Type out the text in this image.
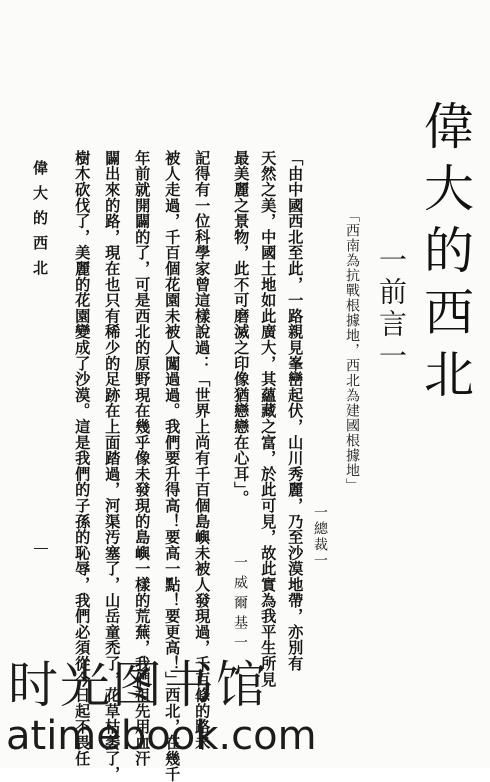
偉大的西北
一前言一
「西南為抗戰根據地，西北為建國根據地」
一總裁一
「由中國西北至此，一路親見峯巒起伏，山川秀麗，乃至沙漠地帶，亦別有
天然之美，中國土地如此廣大，其蘊藏之富，於此可見，故此實為我平生所見
最美麗之景物，此不可磨滅之印像猶戀戀在心耳」。
一威爾基一
記得有一位科學家曾這樣說過：「世界上尚有千百個島嶼未被人發現過，千百條的路未
被人走過，千百個花園未被人闖過過。我們要升得高！要高一點！要更高！」西北，在幾千
年前就開闢的了，可是西北的原野現在幾乎像未發現的島嶼一樣的荒蕪，我們祖先用血汗
闢出來的路，現在也只有稀少的足跡在上面踏過，河渠汚塞了，山岳童禿了，花草枯萎了，
樹木砍伐了，美麗的花園變成了沙漠。這是我們的子孫的恥辱，我們必須從今日起不畏任
偉大的西北
时光图书馆
atimebook.com
